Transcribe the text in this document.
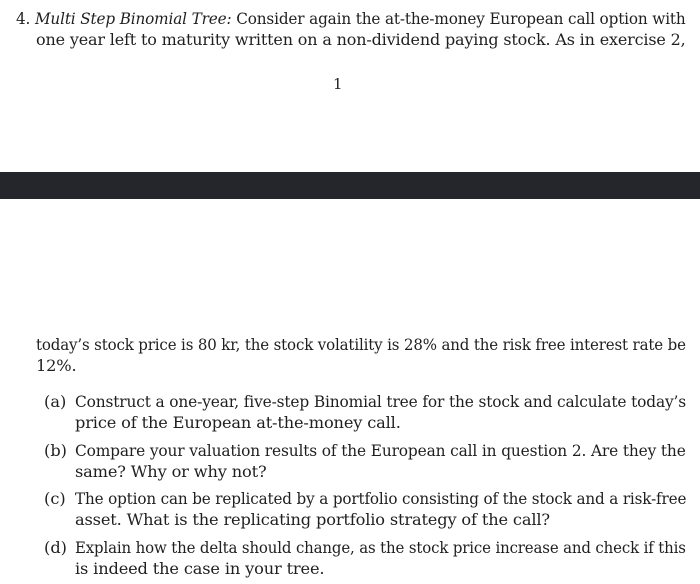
4. Multi Step Binomial Tree: Consider again the at-the-money European call option with
one year left to maturity written on a non-dividend paying stock. As in exercise 2,
1
today’s stock price is 80 kr, the stock volatility is 28% and the risk free interest rate be
12%.
(a) Construct a one-year, five-step Binomial tree for the stock and calculate today’s
price of the European at-the-money call.
(b) Compare your valuation results of the European call in question 2. Are they the
same? Why or why not?
(c) The option can be replicated by a portfolio consisting of the stock and a risk-free
asset. What is the replicating portfolio strategy of the call?
(d) Explain how the delta should change, as the stock price increase and check if this
is indeed the case in your tree.
